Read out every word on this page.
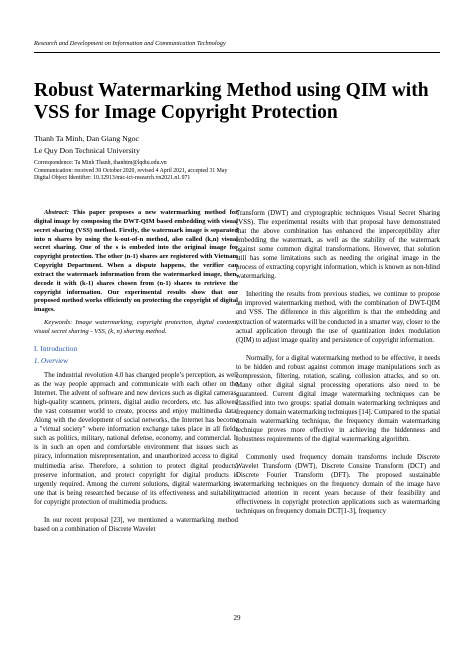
Research and Development on Information and Communication Technology
Robust Watermarking Method using QIM with
VSS for Image Copyright Protection
Thanh Ta Minh, Dan Giang Ngoc
Le Quy Don Technical University
Correspondence: Ta Minh Thanh, thanhtm@lqdtu.edu.vn
Communication: received 30 October 2020, revised 4 April 2021, accepted 31 May
Digital Object Identifier: 10.32913/mic-ict-research.vn2021.n1.971

Abstract: This paper proposes a new watermarking method for digital image by composing the DWT-QIM based embedding with visual secret sharing (VSS) method. Firstly, the watermark image is separated into n shares by using the k-out-of-n method, also called (k,n) visual secret sharing. One of the s is embeded into the original image for copyright protection. The other (n-1) shares are registered with Vietnam Copyright Department. When a dispute happens, the verifier can extract the watermark information from the watermarked image, then, decode it with (k-1) shares chosen from (n-1) shares to retrieve the copyright information. Our experimental results show that our proposed method works efficiently on protecting the copyright of digital images.

Keywords: Image watermarking, copyright protection, digital content, visual secret sharing - VSS, (k, n) sharing method.

I. Introduction
1. Overview

The industrial revolution 4.0 has changed people’s perception, as well as the way people approach and communicate with each other on the Internet. The advent of software and new devices such as digital cameras, high-quality scanners, printers, digital audio recorders, etc. has allowed the vast consumer world to create, process and enjoy multimedia data. Along with the development of social networks, the Internet has become a "virtual society" where information exchange takes place in all fields such as politics, military, national defense, economy, and commercial. It is in such an open and comfortable environment that issues such as piracy, information misrepresentation, and unauthorized access to digital multimedia arise. Therefore, a solution to protect digital products, preserve information, and protect copyright for digital products is urgently required. Among the current solutions, digital watermarking is one that is being researched because of its effectiveness and suitability for copyright protection of multimedia products.

In our recent proposal [23], we mentioned a watermarking method based on a combination of Discrete Wavelet

Transform (DWT) and cryptographic techniques Visual Secret Sharing (VSS). The experimental results with that proposal have demonstrated that the above combination has enhanced the imperceptibility after embedding the watermark, as well as the stability of the watermark against some common digital transformations. However, that solution still has some limitations such as needing the original image in the process of extracting copyright information, which is known as non-blind watermarking.

Inheriting the results from previous studies, we continue to propose an improved watermarking method, with the combination of DWT-QIM and VSS. The difference in this algorithm is that the embedding and extraction of watermarks will be conducted in a smarter way, closer to the actual application through the use of quantization index modulation (QIM) to adjust image quality and persistence of copyright information.

Normally, for a digital watermarking method to be effective, it needs to be hidden and robust against common image manipulations such as compression, filtering, rotation, scaling, collusion attacks, and so on. Many other digital signal processing operations also need to be guaranteed. Current digital image watermarking techniques can be classified into two groups: spatial domain watermarking techniques and frequency domain watermarking techniques [14]. Compared to the spatial domain watermarking technique, the frequency domain watermarking technique proves more effective in achieving the hiddenness and robustness requirements of the digital watermarking algorithm.

Commonly used frequency domain transforms include Discrete Wavelet Transform (DWT), Discrete Consine Transform (DCT) and Discrete Fourier Transform (DFT). The proposed sustainable watermarking techniques on the frequency domain of the image have attracted attention in recent years because of their feasibility and effectiveness in copyright protection applications such as watermarking techniques on frequency domain DCT[1-3], frequency

29
